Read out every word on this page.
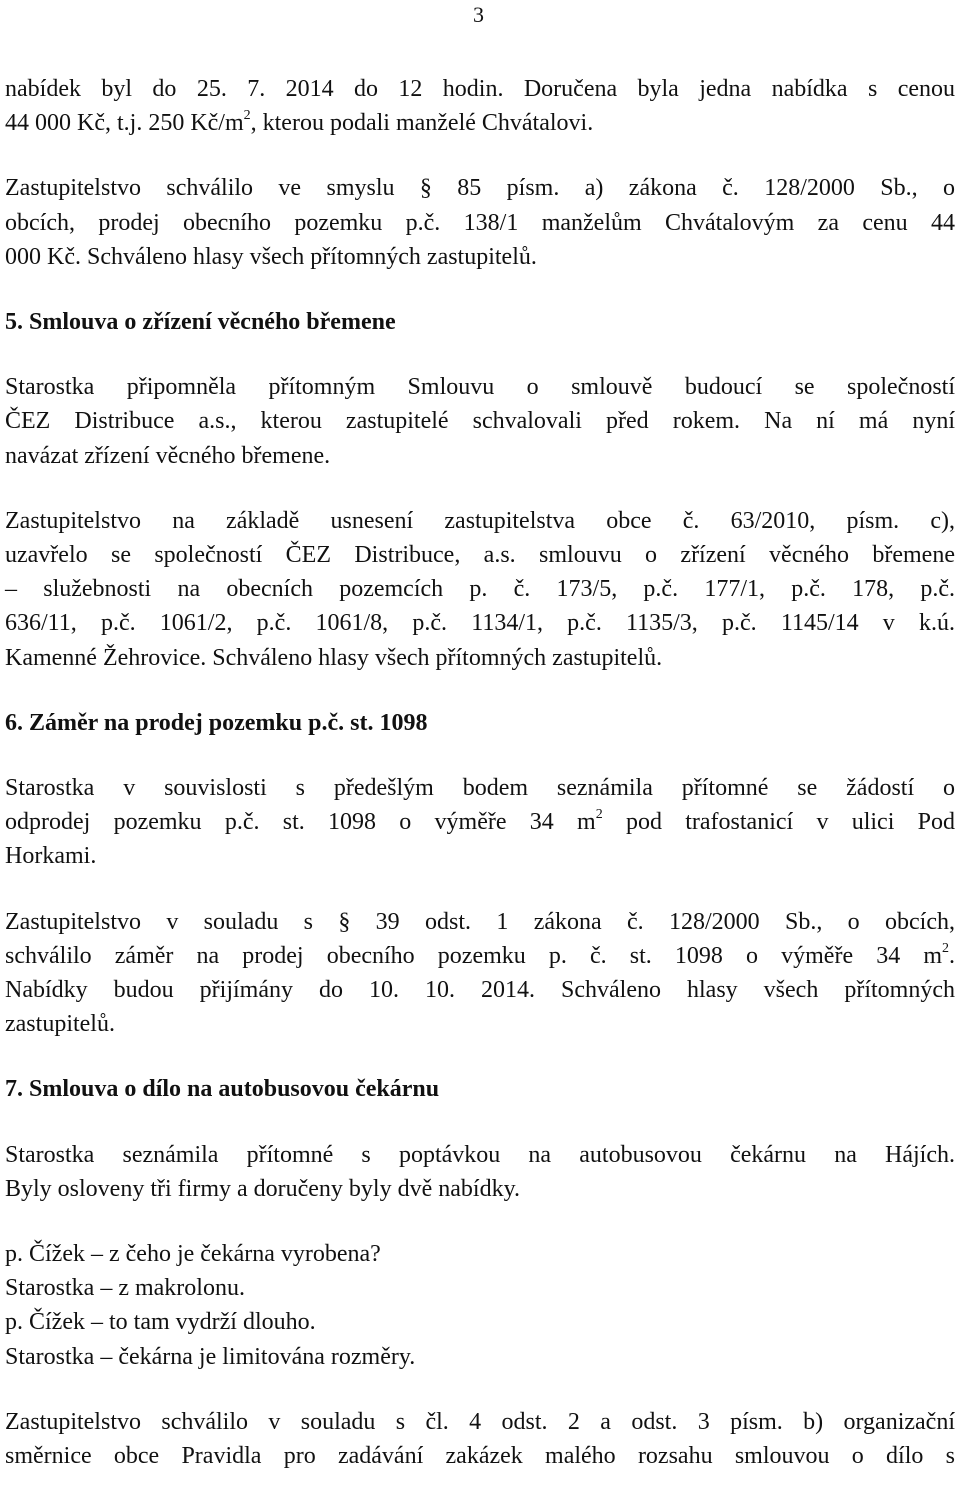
3

nabídek byl do 25. 7. 2014 do 12 hodin. Doručena byla jedna nabídka s cenou

44 000 Kč, t.j. 250 $Kč/m^2$, kterou podali manželé Chvátalovi.

Zastupitelstvo schválilo ve smyslu § 85 písm. a) zákona č. 128/2000 Sb., o

obcích, prodej obecního pozemku p.č. 138/1 manželům Chvátalovým za cenu 44

000 Kč. Schváleno hlasy všech přítomných zastupitelů.

5. Smlouva o zřízení věcného břemene

Starostka připomněla přítomným Smlouvu o smlouvě budoucí se společností

ČEZ Distribuce a.s., kterou zastupitelé schvalovali před rokem. Na ní má nyní

navázat zřízení věcného břemene.

Zastupitelstvo na základě usnesení zastupitelstva obce č. 63/2010, písm. c),

uzavřelo se společností ČEZ Distribuce, a.s. smlouvu o zřízení věcného břemene

– služebnosti na obecních pozemcích p. č. 173/5, p.č. 177/1, p.č. 178, p.č.

636/11, p.č. 1061/2, p.č. 1061/8, p.č. 1134/1, p.č. 1135/3, p.č. 1145/14 v k.ú.

Kamenné Žehrovice. Schváleno hlasy všech přítomných zastupitelů.

6. Záměr na prodej pozemku p.č. st. 1098

Starostka v souvislosti s předešlým bodem seznámila přítomné se žádostí o

odprodej pozemku p.č. st. 1098 o výměře 34 $m^2$ pod trafostanicí v ulici Pod

Horkami.

Zastupitelstvo v souladu s § 39 odst. 1 zákona č. 128/2000 Sb., o obcích,

schválilo záměr na prodej obecního pozemku p. č. st. 1098 o výměře 34 $m^2$.

Nabídky budou přijímány do 10. 10. 2014. Schváleno hlasy všech přítomných

zastupitelů.

7. Smlouva o dílo na autobusovou čekárnu

Starostka seznámila přítomné s poptávkou na autobusovou čekárnu na Hájích.

Byly osloveny tři firmy a doručeny byly dvě nabídky.

p. Čížek – z čeho je čekárna vyrobena?

Starostka – z makrolonu.

p. Čížek – to tam vydrží dlouho.

Starostka – čekárna je limitována rozměry.

Zastupitelstvo schválilo v souladu s čl. 4 odst. 2 a odst. 3 písm. b) organizační

směrnice obce Pravidla pro zadávání zakázek malého rozsahu smlouvou o dílo s
